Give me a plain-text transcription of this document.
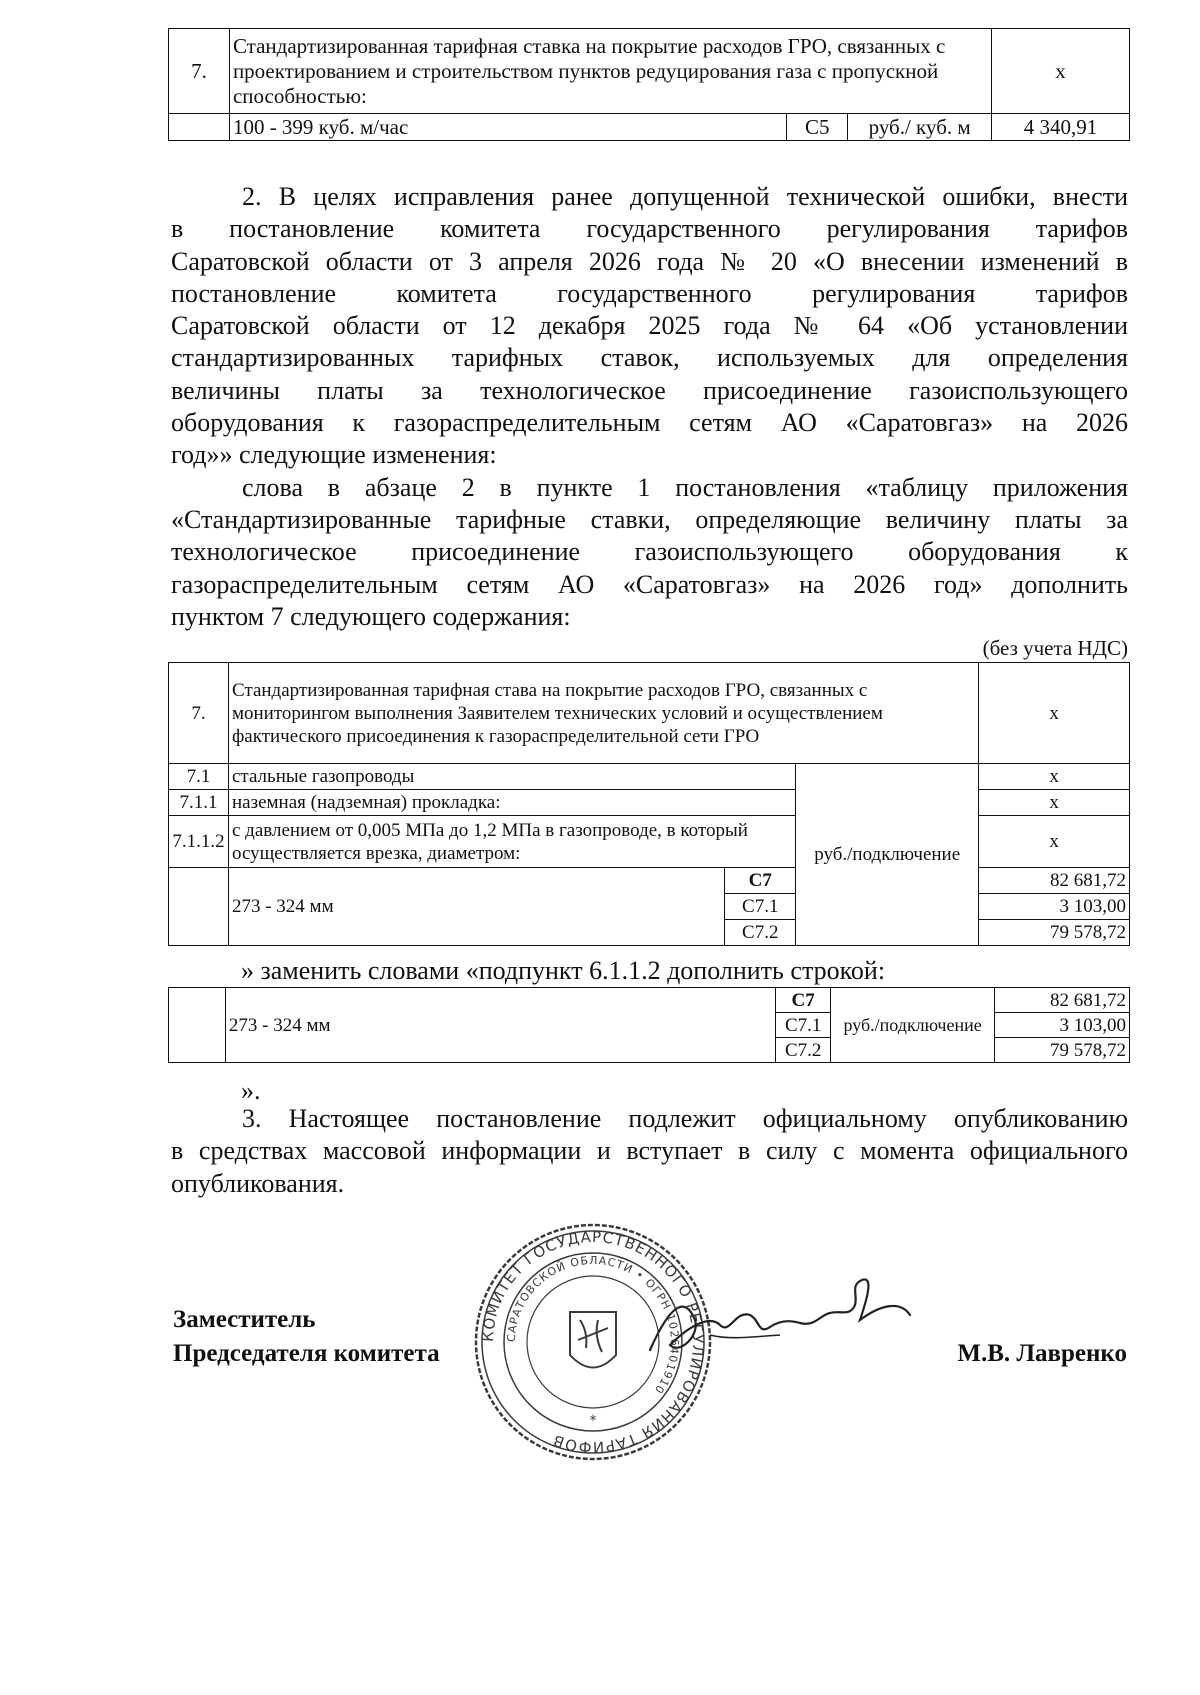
7.	Стандартизированная тарифная ставка на покрытие расходов ГРО, связанных с проектированием и строительством пунктов редуцирования газа с пропускной способностью:			x
	100 - 399 куб. м/час	С5	руб./ куб. м	4 340,91
2. В целях исправления ранее допущенной технической ошибки, внести
в постановление комитета государственного регулирования тарифов
Саратовской области от 3 апреля 2026 года № 20 «О внесении изменений в
постановление комитета государственного регулирования тарифов
Саратовской области от 12 декабря 2025 года № 64 «Об установлении
стандартизированных тарифных ставок, используемых для определения
величины платы за технологическое присоединение газоиспользующего
оборудования к газораспределительным сетям АО «Саратовгаз» на 2026
год»» следующие изменения:
слова в абзаце 2 в пункте 1 постановления «таблицу приложения
«Стандартизированные тарифные ставки, определяющие величину платы за
технологическое присоединение газоиспользующего оборудования к
газораспределительным сетям АО «Саратовгаз» на 2026 год» дополнить
пунктом 7 следующего содержания:
(без учета НДС)
7.	Стандартизированная тарифная става на покрытие расходов ГРО, связанных с мониторингом выполнения Заявителем технических условий и осуществлением фактического присоединения к газораспределительной сети ГРО			x
7.1	стальные газопроводы		руб./подключение	x
7.1.1	наземная (надземная) прокладка:			x
7.1.1.2	с давлением от 0,005 МПа до 1,2 МПа в газопроводе, в который осуществляется врезка, диаметром:			x
	273 - 324 мм	С7		82 681,72
		С7.1		3 103,00
		С7.2		79 578,72
» заменить словами «подпункт 6.1.1.2 дополнить строкой:
	273 - 324 мм	С7	руб./подключение	82 681,72
		С7.1		3 103,00
		С7.2		79 578,72
».
3. Настоящее постановление подлежит официальному опубликованию
в средствах массовой информации и вступает в силу с момента официального
опубликования.
КОМИТЕТ ГОСУДАРСТВЕННОГО РЕГУЛИРОВАНИЯ ТАРИФОВ
САРАТОВСКОЙ ОБЛАСТИ • ОГРН 1026401910
*
Заместитель
Председателя комитета	М.В. Лавренко
